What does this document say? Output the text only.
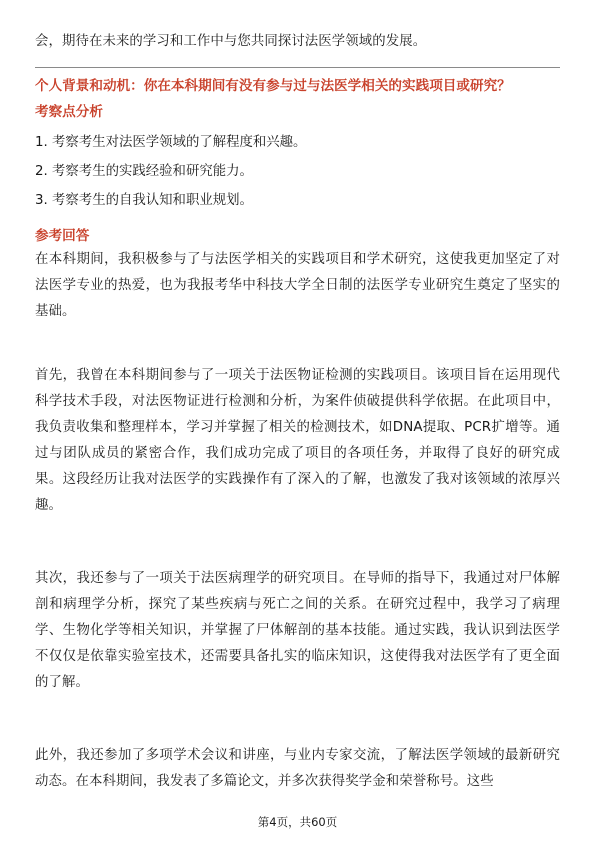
会，期待在未来的学习和工作中与您共同探讨法医学领域的发展。

个人背景和动机：你在本科期间有没有参与过与法医学相关的实践项目或研究？

考察点分析

1. 考察考生对法医学领域的了解程度和兴趣。
2. 考察考生的实践经验和研究能力。
3. 考察考生的自我认知和职业规划。

参考回答

在本科期间，我积极参与了与法医学相关的实践项目和学术研究，这使我更加坚定了对法医学专业的热爱，也为我报考华中科技大学全日制的法医学专业研究生奠定了坚实的基础。

首先，我曾在本科期间参与了一项关于法医物证检测的实践项目。该项目旨在运用现代科学技术手段，对法医物证进行检测和分析，为案件侦破提供科学依据。在此项目中，我负责收集和整理样本，学习并掌握了相关的检测技术，如DNA提取、PCR扩增等。通过与团队成员的紧密合作，我们成功完成了项目的各项任务，并取得了良好的研究成果。这段经历让我对法医学的实践操作有了深入的了解，也激发了我对该领域的浓厚兴趣。

其次，我还参与了一项关于法医病理学的研究项目。在导师的指导下，我通过对尸体解剖和病理学分析，探究了某些疾病与死亡之间的关系。在研究过程中，我学习了病理学、生物化学等相关知识，并掌握了尸体解剖的基本技能。通过实践，我认识到法医学不仅仅是依靠实验室技术，还需要具备扎实的临床知识，这使得我对法医学有了更全面的了解。

此外，我还参加了多项学术会议和讲座，与业内专家交流，了解法医学领域的最新研究动态。在本科期间，我发表了多篇论文，并多次获得奖学金和荣誉称号。这些

第4页，共60页
